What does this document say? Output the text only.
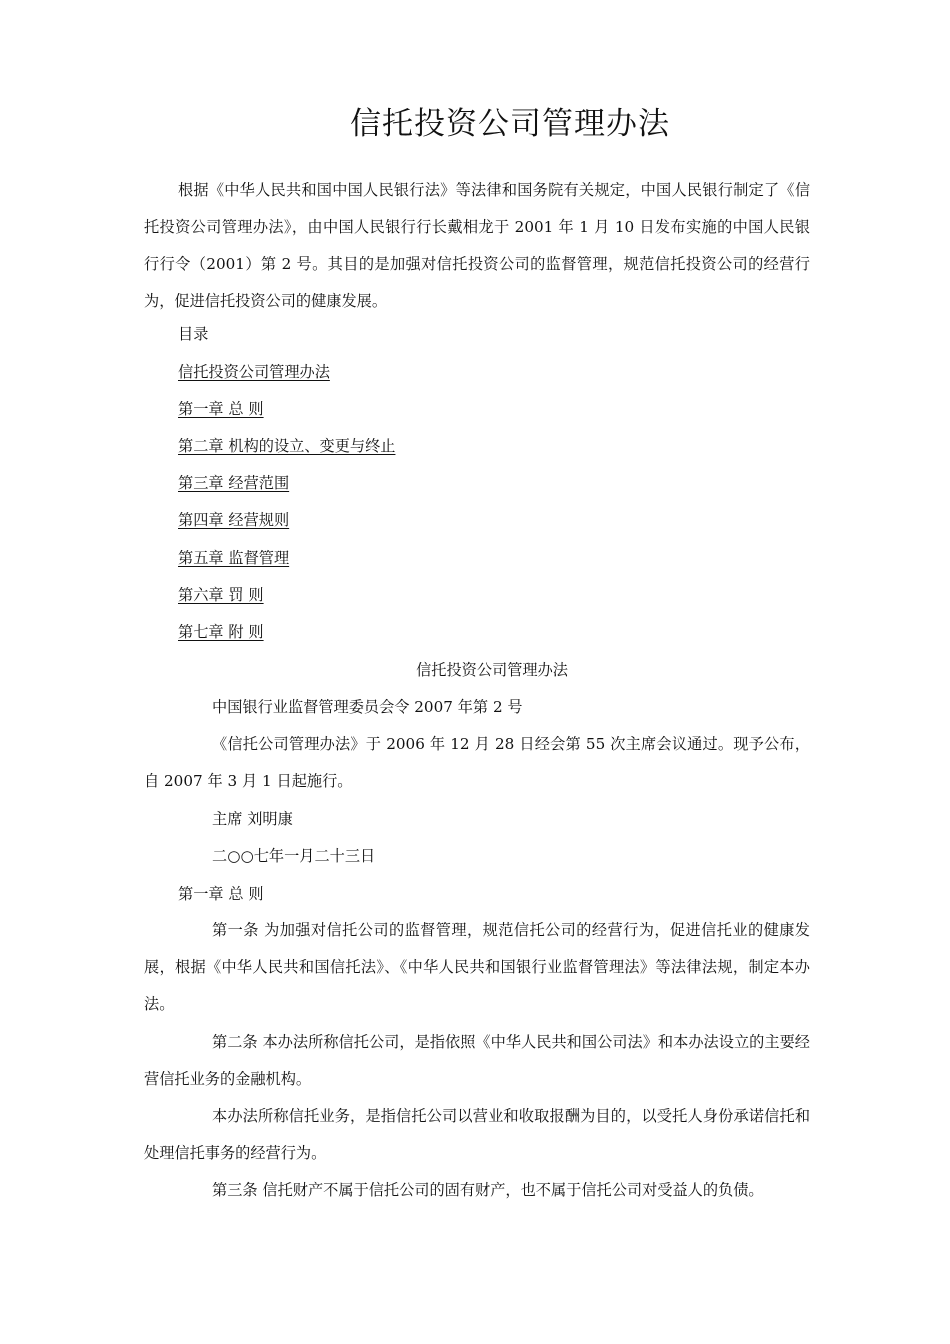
信托投资公司管理办法

根据《中华人民共和国中国人民银行法》等法律和国务院有关规定，中国人民银行制定了《信托投资公司管理办法》，由中国人民银行行长戴相龙于 2001 年 1 月 10 日发布实施的中国人民银行行令（2001）第 2 号。其目的是加强对信托投资公司的监督管理，规范信托投资公司的经营行为，促进信托投资公司的健康发展。

目录
信托投资公司管理办法
第一章 总 则
第二章 机构的设立、变更与终止
第三章 经营范围
第四章 经营规则
第五章 监督管理
第六章 罚 则
第七章 附 则
信托投资公司管理办法
中国银行业监督管理委员会令 2007 年第 2 号

《信托公司管理办法》于 2006 年 12 月 28 日经会第 55 次主席会议通过。现予公布，自 2007 年 3 月 1 日起施行。

主席 刘明康
二○○七年一月二十三日
第一章 总 则

第一条 为加强对信托公司的监督管理，规范信托公司的经营行为，促进信托业的健康发展，根据《中华人民共和国信托法》、《中华人民共和国银行业监督管理法》等法律法规，制定本办法。

第二条 本办法所称信托公司，是指依照《中华人民共和国公司法》和本办法设立的主要经营信托业务的金融机构。

本办法所称信托业务，是指信托公司以营业和收取报酬为目的，以受托人身份承诺信托和处理信托事务的经营行为。

第三条 信托财产不属于信托公司的固有财产，也不属于信托公司对受益人的负债。
